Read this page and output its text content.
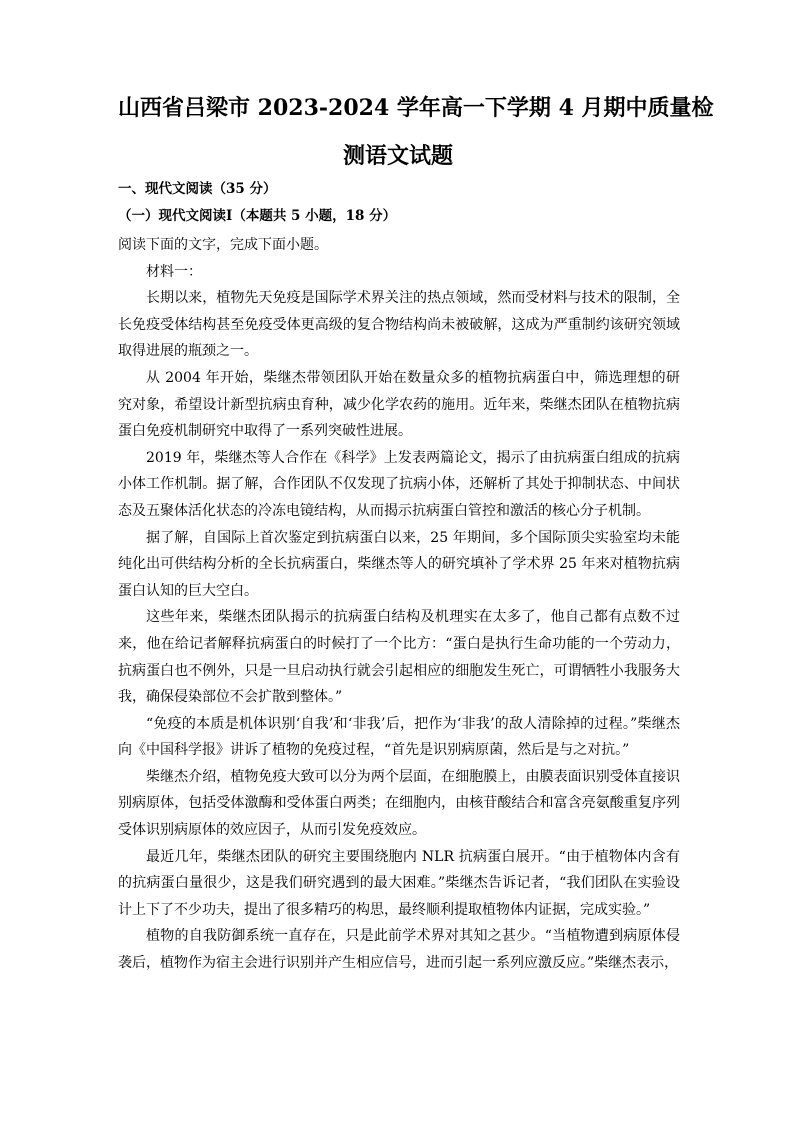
山西省吕梁市 2023-2024 学年高一下学期 4 月期中质量检
测语文试题
一、现代文阅读（35 分）
（一）现代文阅读Ⅰ（本题共 5 小题，18 分）

阅读下面的文字，完成下面小题。

材料一：

长期以来，植物先天免疫是国际学术界关注的热点领域，然而受材料与技术的限制，全长免疫受体结构甚至免疫受体更高级的复合物结构尚未被破解，这成为严重制约该研究领域取得进展的瓶颈之一。

从 2004 年开始，柴继杰带领团队开始在数量众多的植物抗病蛋白中，筛选理想的研究对象，希望设计新型抗病虫育种，减少化学农药的施用。近年来，柴继杰团队在植物抗病蛋白免疫机制研究中取得了一系列突破性进展。

2019 年，柴继杰等人合作在《科学》上发表两篇论文，揭示了由抗病蛋白组成的抗病小体工作机制。据了解，合作团队不仅发现了抗病小体，还解析了其处于抑制状态、中间状态及五聚体活化状态的冷冻电镜结构，从而揭示抗病蛋白管控和激活的核心分子机制。

据了解，自国际上首次鉴定到抗病蛋白以来，25 年期间，多个国际顶尖实验室均未能纯化出可供结构分析的全长抗病蛋白，柴继杰等人的研究填补了学术界 25 年来对植物抗病蛋白认知的巨大空白。

这些年来，柴继杰团队揭示的抗病蛋白结构及机理实在太多了，他自己都有点数不过来，他在给记者解释抗病蛋白的时候打了一个比方：“蛋白是执行生命功能的一个劳动力，抗病蛋白也不例外，只是一旦启动执行就会引起相应的细胞发生死亡，可谓牺牲小我服务大我，确保侵染部位不会扩散到整体。”

“免疫的本质是机体识别‘自我’和‘非我’后，把作为‘非我’的敌人清除掉的过程。”柴继杰向《中国科学报》讲诉了植物的免疫过程，“首先是识别病原菌，然后是与之对抗。”

柴继杰介绍，植物免疫大致可以分为两个层面，在细胞膜上，由膜表面识别受体直接识别病原体，包括受体激酶和受体蛋白两类；在细胞内，由核苷酸结合和富含亮氨酸重复序列受体识别病原体的效应因子，从而引发免疫效应。

最近几年，柴继杰团队的研究主要围绕胞内 NLR 抗病蛋白展开。“由于植物体内含有的抗病蛋白量很少，这是我们研究遇到的最大困难。”柴继杰告诉记者，“我们团队在实验设计上下了不少功夫，提出了很多精巧的构思，最终顺利提取植物体内证据，完成实验。”

植物的自我防御系统一直存在，只是此前学术界对其知之甚少。“当植物遭到病原体侵袭后，植物作为宿主会进行识别并产生相应信号，进而引起一系列应激反应。”柴继杰表示，
